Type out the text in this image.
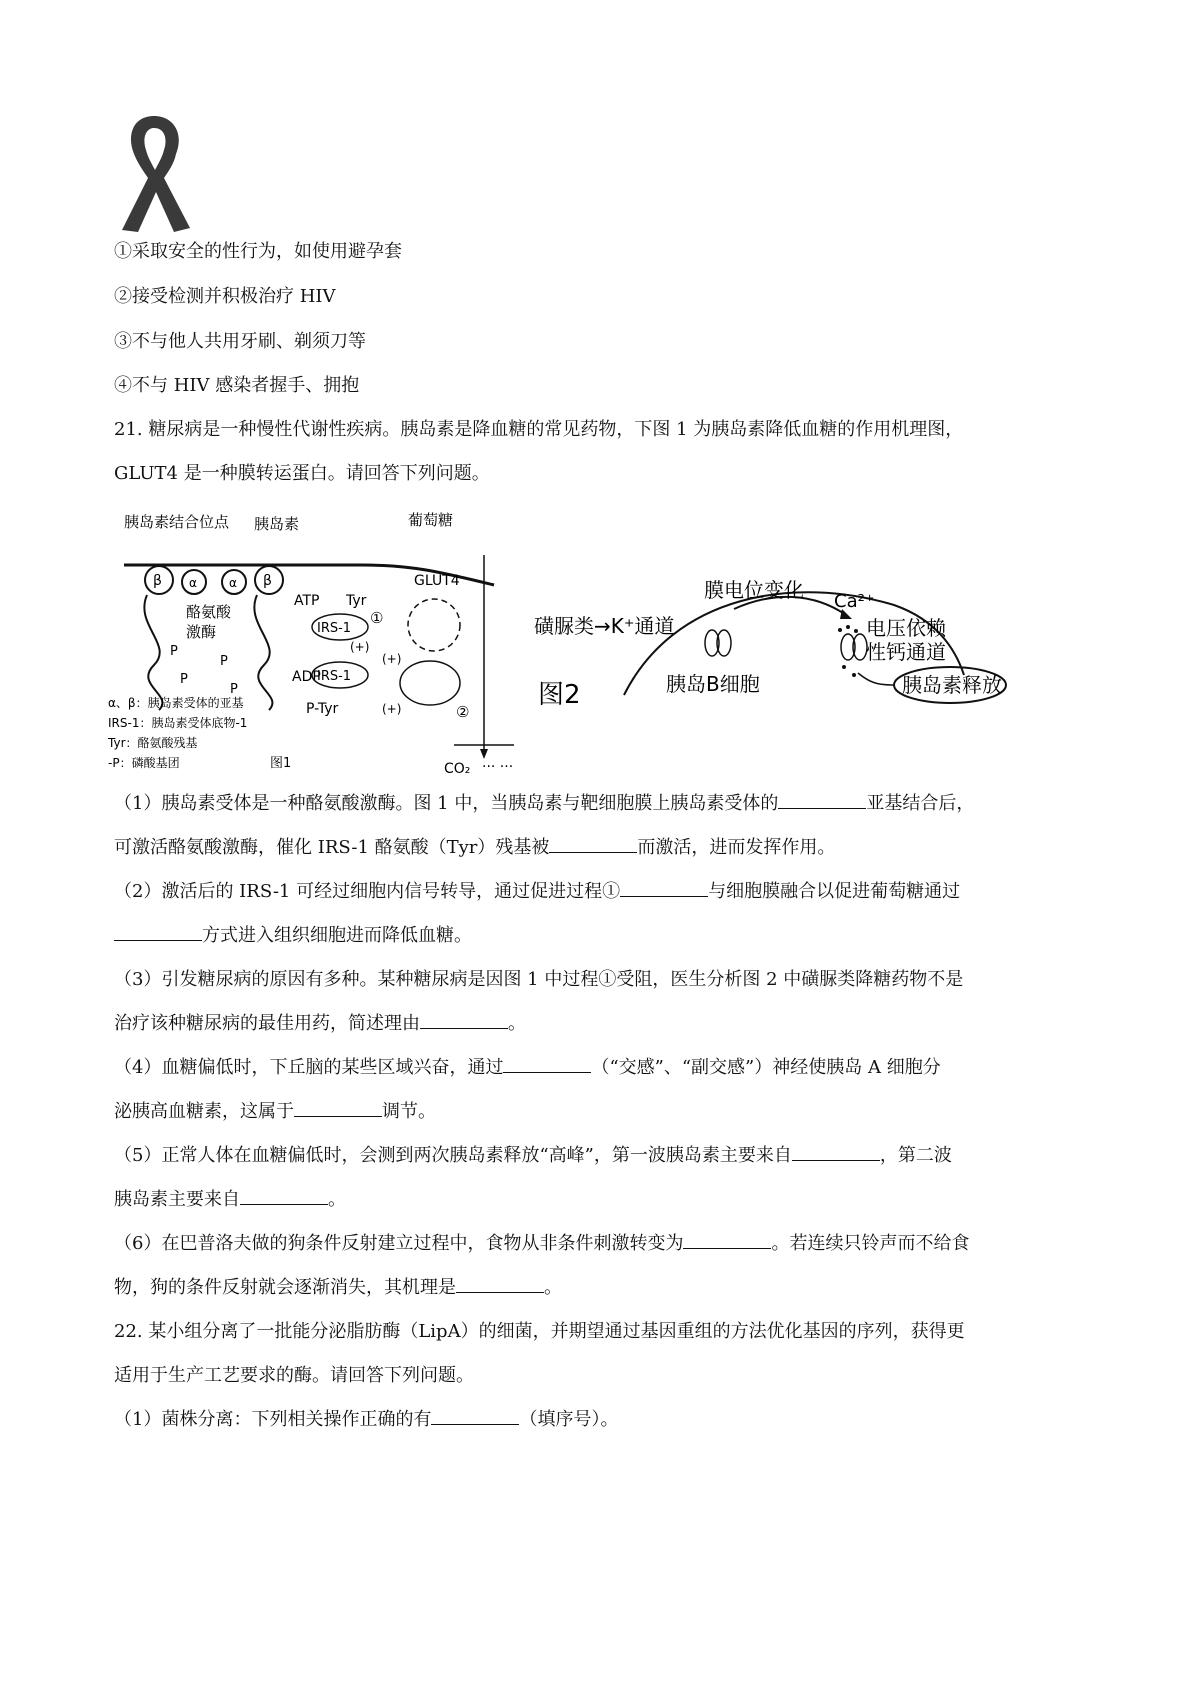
①采取安全的性行为，如使用避孕套
②接受检测并积极治疗 HIV
③不与他人共用牙刷、剃须刀等
④不与 HIV 感染者握手、拥抱
21. 糖尿病是一种慢性代谢性疾病。胰岛素是降血糖的常见药物，下图 1 为胰岛素降低血糖的作用机理图，
GLUT4 是一种膜转运蛋白。请回答下列问题。
胰岛素结合位点 胰岛素	葡萄糖
β	β
α	α
酪氨酸
激酶
ATP Tyr
GLUT4
IRS-1
①
(+)
P
P
P
P
ADP
IRS-1
(+)
(+)	②
P-Tyr
CO₂ ··· ···
α、β：胰岛素受体的亚基
IRS-1：胰岛素受体底物-1
Tyr：酪氨酸残基
-P：磷酸基团	图1
磺脲类→K⁺通道
膜电位变化 Ca²⁺
电压依赖
性钙通道
胰岛B细胞	胰岛素释放
图2
（1）胰岛素受体是一种酪氨酸激酶。图 1 中，当胰岛素与靶细胞膜上胰岛素受体的	亚基结合后，
可激活酪氨酸激酶，催化 IRS-1 酪氨酸（Tyr）残基被	而激活，进而发挥作用。
（2）激活后的 IRS-1 可经过细胞内信号转导，通过促进过程①	与细胞膜融合以促进葡萄糖通过
方式进入组织细胞进而降低血糖。
（3）引发糖尿病的原因有多种。某种糖尿病是因图 1 中过程①受阻，医生分析图 2 中磺脲类降糖药物不是
治疗该种糖尿病的最佳用药，简述理由	。
（4）血糖偏低时，下丘脑的某些区域兴奋，通过	（“交感”、“副交感”）神经使胰岛 A 细胞分
泌胰高血糖素，这属于	调节。
（5）正常人体在血糖偏低时，会测到两次胰岛素释放“高峰”，第一波胰岛素主要来自	，第二波
胰岛素主要来自	。
（6）在巴普洛夫做的狗条件反射建立过程中，食物从非条件刺激转变为	。若连续只铃声而不给食
物，狗的条件反射就会逐渐消失，其机理是	。
22. 某小组分离了一批能分泌脂肪酶（LipA）的细菌，并期望通过基因重组的方法优化基因的序列，获得更
适用于生产工艺要求的酶。请回答下列问题。
（1）菌株分离：下列相关操作正确的有	（填序号）。
